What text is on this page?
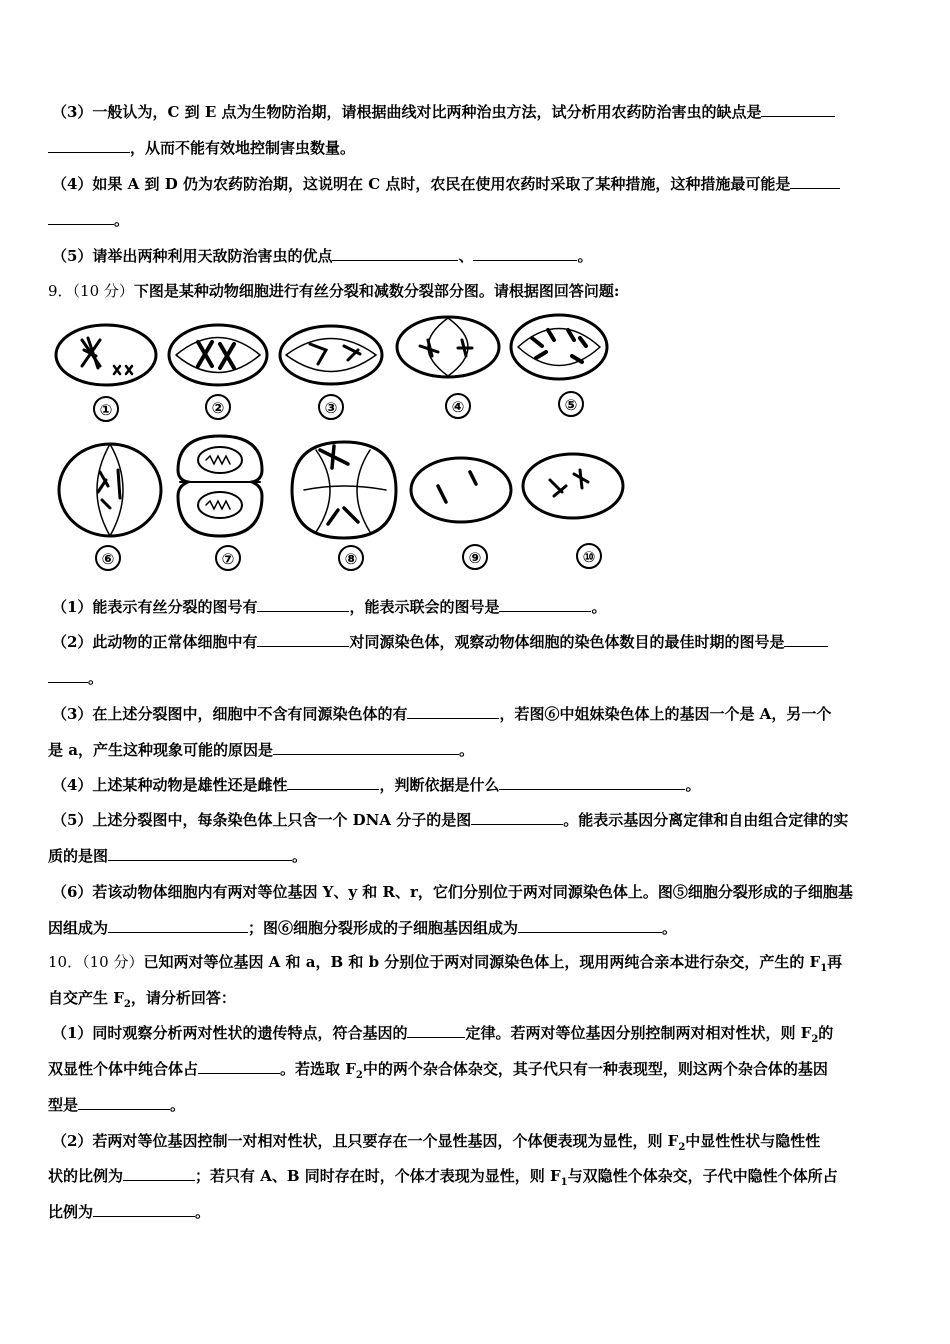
（3）一般认为，C 到 E 点为生物防治期，请根据曲线对比两种治虫方法，试分析用农药防治害虫的缺点是
，从而不能有效地控制害虫数量。
（4）如果 A 到 D 仍为农药防治期，这说明在 C 点时，农民在使用农药时采取了某种措施，这种措施最可能是
。
（5）请举出两种利用天敌防治害虫的优点	、	。
9．（10 分）下图是某种动物细胞进行有丝分裂和减数分裂部分图。请根据图回答问题:
①	②	③	④	⑤
⑥	⑦	⑧	⑨	⑩
（1）能表示有丝分裂的图号有	，能表示联会的图号是	。
（2）此动物的正常体细胞中有	对同源染色体，观察动物体细胞的染色体数目的最佳时期的图号是
。
（3）在上述分裂图中，细胞中不含有同源染色体的有	，若图⑥中姐妹染色体上的基因一个是 A，另一个
是 a，产生这种现象可能的原因是	。
（4）上述某种动物是雄性还是雌性	，判断依据是什么	。
（5）上述分裂图中，每条染色体上只含一个 DNA 分子的是图	。能表示基因分离定律和自由组合定律的实
质的是图	。
（6）若该动物体细胞内有两对等位基因 Y、y 和 R、r，它们分别位于两对同源染色体上。图⑤细胞分裂形成的子细胞基
因组成为	；图⑥细胞分裂形成的子细胞基因组成为	。
10．（10 分）已知两对等位基因 A 和 a，B 和 b 分别位于两对同源染色体上，现用两纯合亲本进行杂交，产生的 $F_1$再
自交产生 $F_2$，请分析回答：
（1）同时观察分析两对性状的遗传特点，符合基因的	定律。若两对等位基因分别控制两对相对性状，则 $F_2$的
双显性个体中纯合体占	。若选取 $F_2$中的两个杂合体杂交，其子代只有一种表现型，则这两个杂合体的基因
型是	。
（2）若两对等位基因控制一对相对性状，且只要存在一个显性基因，个体便表现为显性，则 $F_2$中显性性状与隐性性
状的比例为	；若只有 A、B 同时存在时，个体才表现为显性，则 $F_1$与双隐性个体杂交，子代中隐性个体所占
比例为	。
